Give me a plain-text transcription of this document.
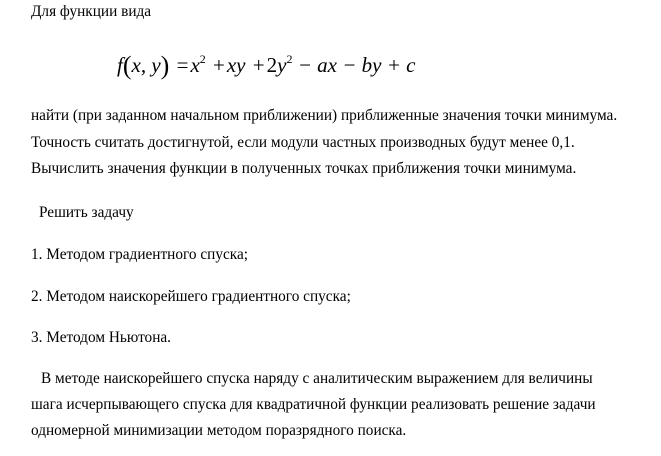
Для функции вида
f(x, $y) =x^2 +xy +2y^2$ − ax − by + c
найти (при заданном начальном приближении) приближенные значения точки минимума.
Точность считать достигнутой, если модули частных производных будут менее 0,1.
Вычислить значения функции в полученных точках приближения точки минимума.
Решить задачу
1. Методом градиентного спуска;
2. Методом наискорейшего градиентного спуска;
3. Методом Ньютона.
В методе наискорейшего спуска наряду с аналитическим выражением для величины
шага исчерпывающего спуска для квадратичной функции реализовать решение задачи
одномерной минимизации методом поразрядного поиска.
